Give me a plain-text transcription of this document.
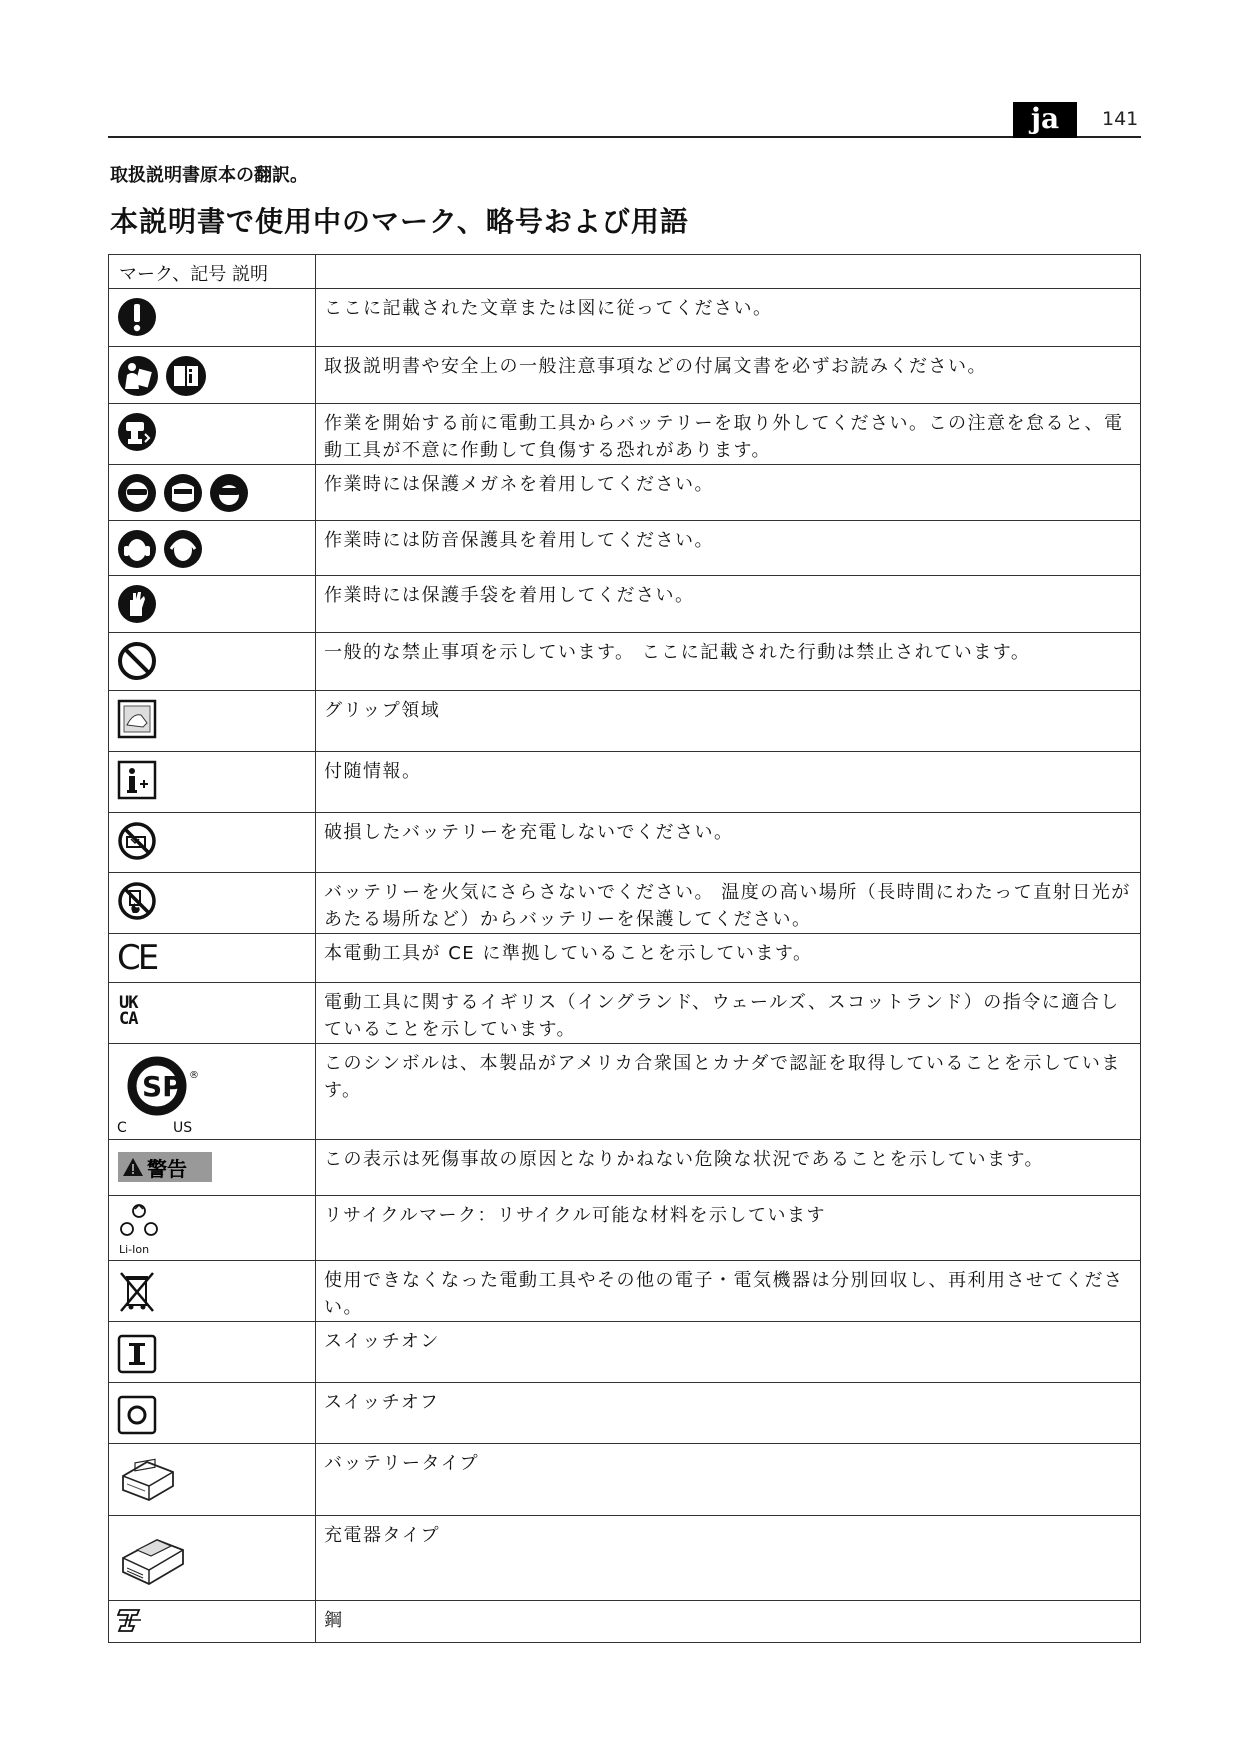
ja	141
取扱説明書原本の翻訳。
本説明書で使用中のマーク、略号および用語
マーク、記号 説明	

	ここに記載された文章または図に従ってください。

	取扱説明書や安全上の一般注意事項などの付属文書を必ずお読みください。

	作業を開始する前に電動工具からバッテリーを取り外してください。この注意を怠ると、電動工具が不意に作動して負傷する恐れがあります。

	作業時には保護メガネを着用してください。

	作業時には防音保護具を着用してください。

	作業時には保護手袋を着用してください。

	一般的な禁止事項を示しています。 ここに記載された行動は禁止されています。

	グリップ領域

	付随情報。

	破損したバッテリーを充電しないでください。

	バッテリーを火気にさらさないでください。 温度の高い場所（長時間にわたって直射日光があたる場所など）からバッテリーを保護してください。

CE	本電動工具が CE に準拠していることを示しています。

UK
CA	電動工具に関するイギリス（イングランド、ウェールズ、スコットランド）の指令に適合していることを示しています。

SP
C US
®	このシンボルは、本製品がアメリカ合衆国とカナダで認証を取得していることを示しています。

警告	この表示は死傷事故の原因となりかねない危険な状況であることを示しています。

Li-Ion	リサイクルマーク：リサイクル可能な材料を示しています

	使用できなくなった電動工具やその他の電子・電気機器は分別回収し、再利用させてください。

	スイッチオン

	スイッチオフ

	バッテリータイプ

	充電器タイプ

	鋼
